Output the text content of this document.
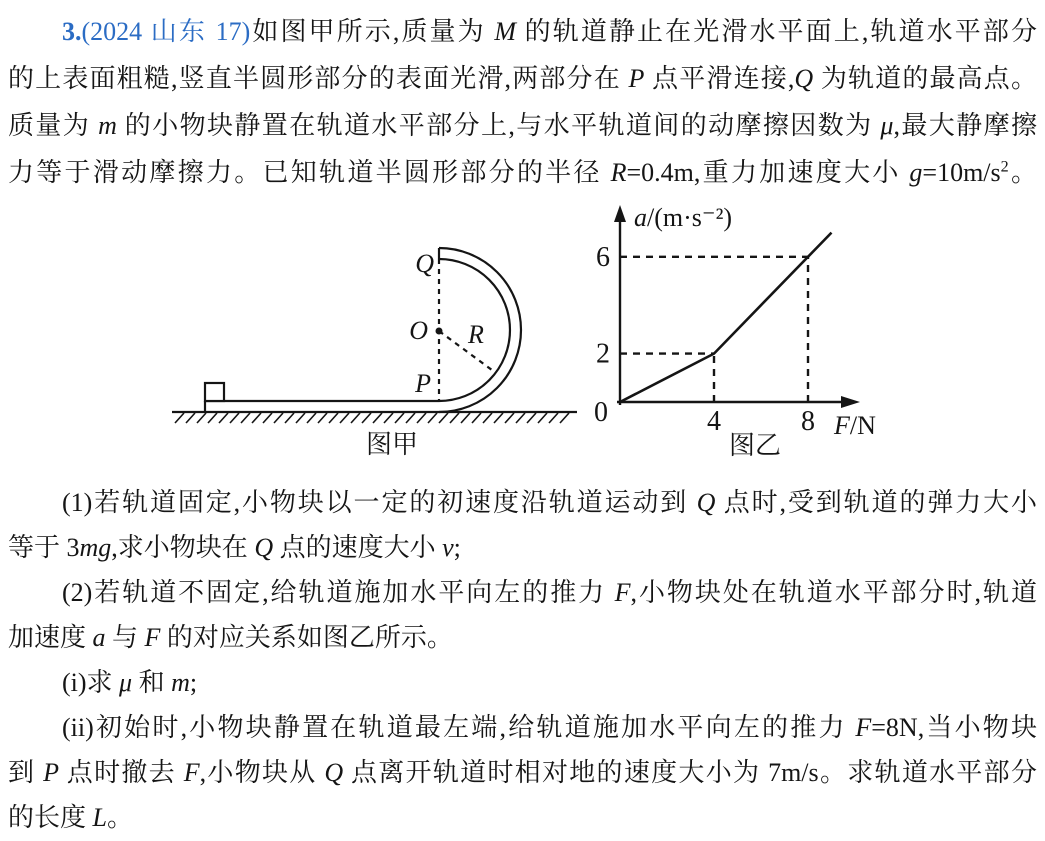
3.(2024 山东 17)如图甲所示,质量为 M 的轨道静止在光滑水平面上,轨道水平部分
的上表面粗糙,竖直半圆形部分的表面光滑,两部分在 P 点平滑连接,Q 为轨道的最高点。
质量为 m 的小物块静置在轨道水平部分上,与水平轨道间的动摩擦因数为 μ,最大静摩擦
力等于滑动摩擦力。已知轨道半圆形部分的半径 R=0.4m,重力加速度大小 $g=10m/s^2$。
Q
O
P
R
图甲
4	8
2
6
a/(m·s⁻²)
F/N
0
图乙
(1)若轨道固定,小物块以一定的初速度沿轨道运动到 Q 点时,受到轨道的弹力大小
等于 3mg,求小物块在 Q 点的速度大小 v;
(2)若轨道不固定,给轨道施加水平向左的推力 F,小物块处在轨道水平部分时,轨道
加速度 a 与 F 的对应关系如图乙所示。
(i)求 μ 和 m;
(ii)初始时,小物块静置在轨道最左端,给轨道施加水平向左的推力 F=8N,当小物块
到 P 点时撤去 F,小物块从 Q 点离开轨道时相对地的速度大小为 7m/s。求轨道水平部分
的长度 L。
